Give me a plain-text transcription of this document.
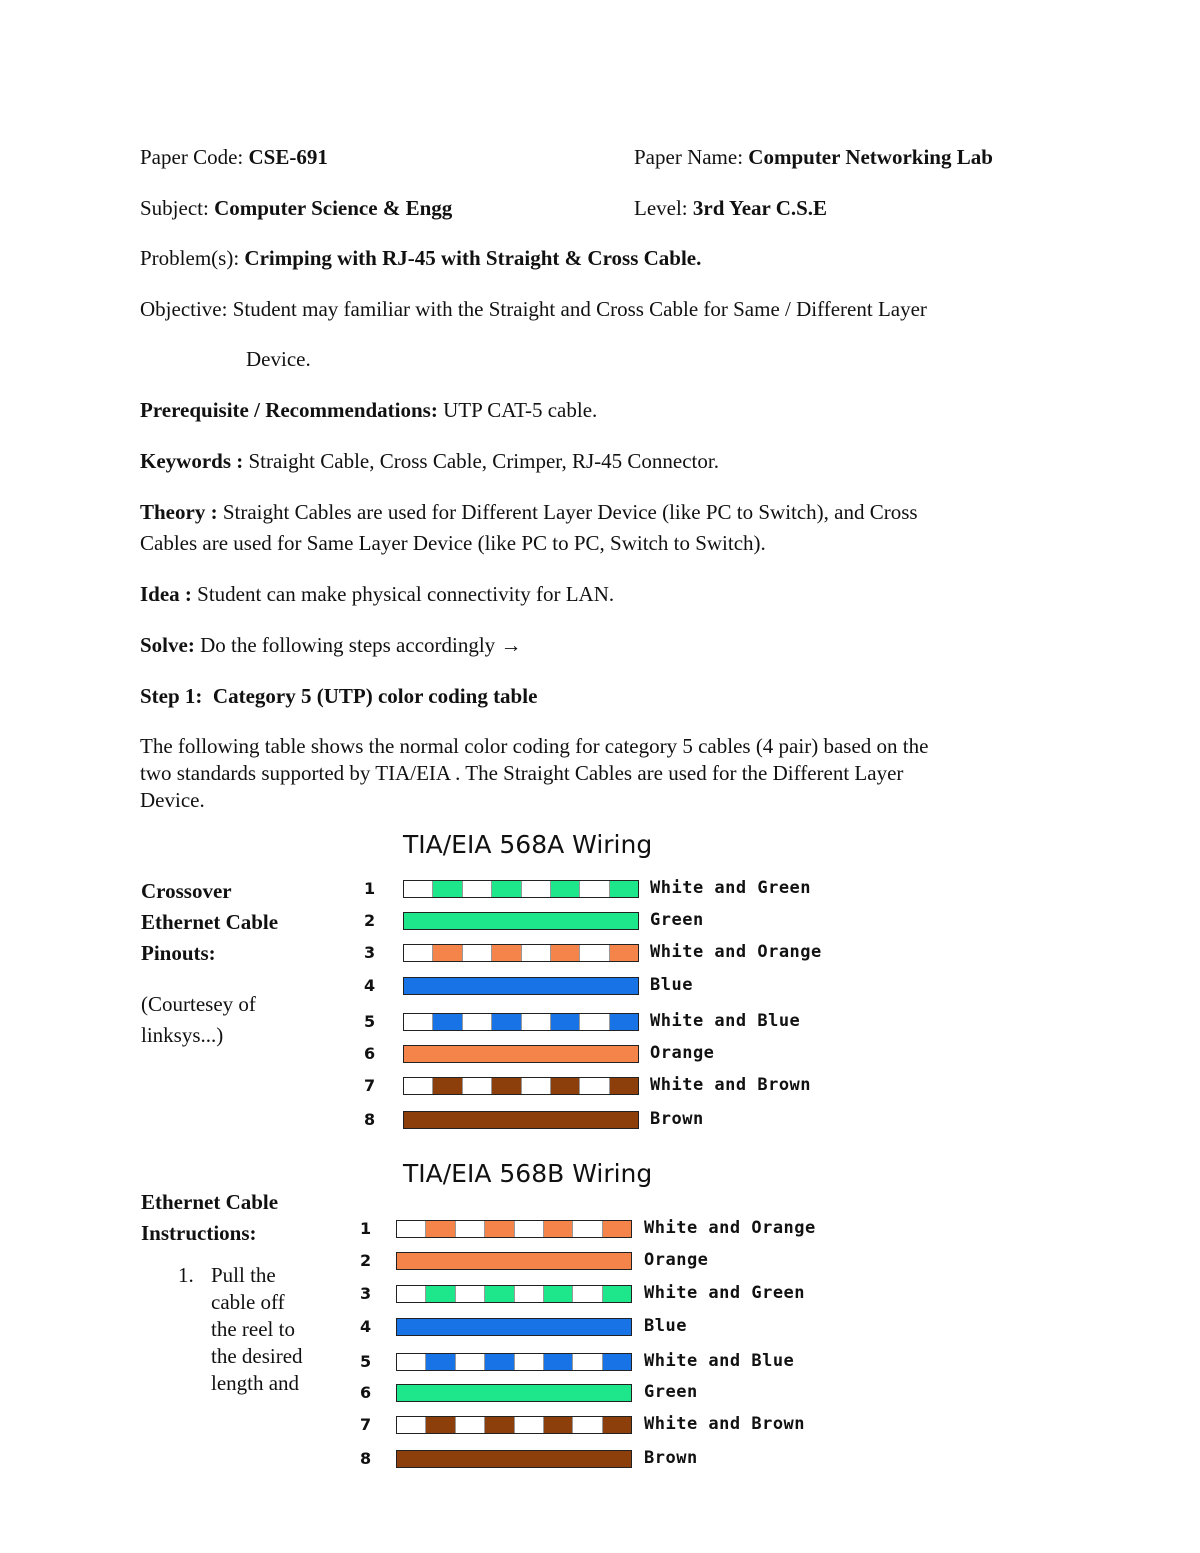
Paper Code: CSE-691	Paper Name: Computer Networking Lab
Subject: Computer Science & Engg	Level: 3rd Year C.S.E
Problem(s): Crimping with RJ-45 with Straight & Cross Cable.
Objective: Student may familiar with the Straight and Cross Cable for Same / Different Layer
Device.
Prerequisite / Recommendations: UTP CAT-5 cable.
Keywords : Straight Cable, Cross Cable, Crimper, RJ-45 Connector.
Theory : Straight Cables are used for Different Layer Device (like PC to Switch), and Cross
Cables are used for Same Layer Device (like PC to PC, Switch to Switch).
Idea : Student can make physical connectivity for LAN.
Solve: Do the following steps accordingly →
Step 1: Category 5 (UTP) color coding table
The following table shows the normal color coding for category 5 cables (4 pair) based on the
two standards supported by TIA/EIA . The Straight Cables are used for the Different Layer
Device.
Crossover
Ethernet Cable
Pinouts:
(Courtesey of
linksys...)
Ethernet Cable
Instructions:
1. Pull the
cable off
the reel to
the desired
length and
TIA/EIA 568A Wiring
1	White and Green
2	Green
3	White and Orange
4	Blue
5	White and Blue
6	Orange
7	White and Brown
8	Brown
TIA/EIA 568B Wiring
1	White and Orange
2	Orange
3	White and Green
4	Blue
5	White and Blue
6	Green
7	White and Brown
8	Brown
